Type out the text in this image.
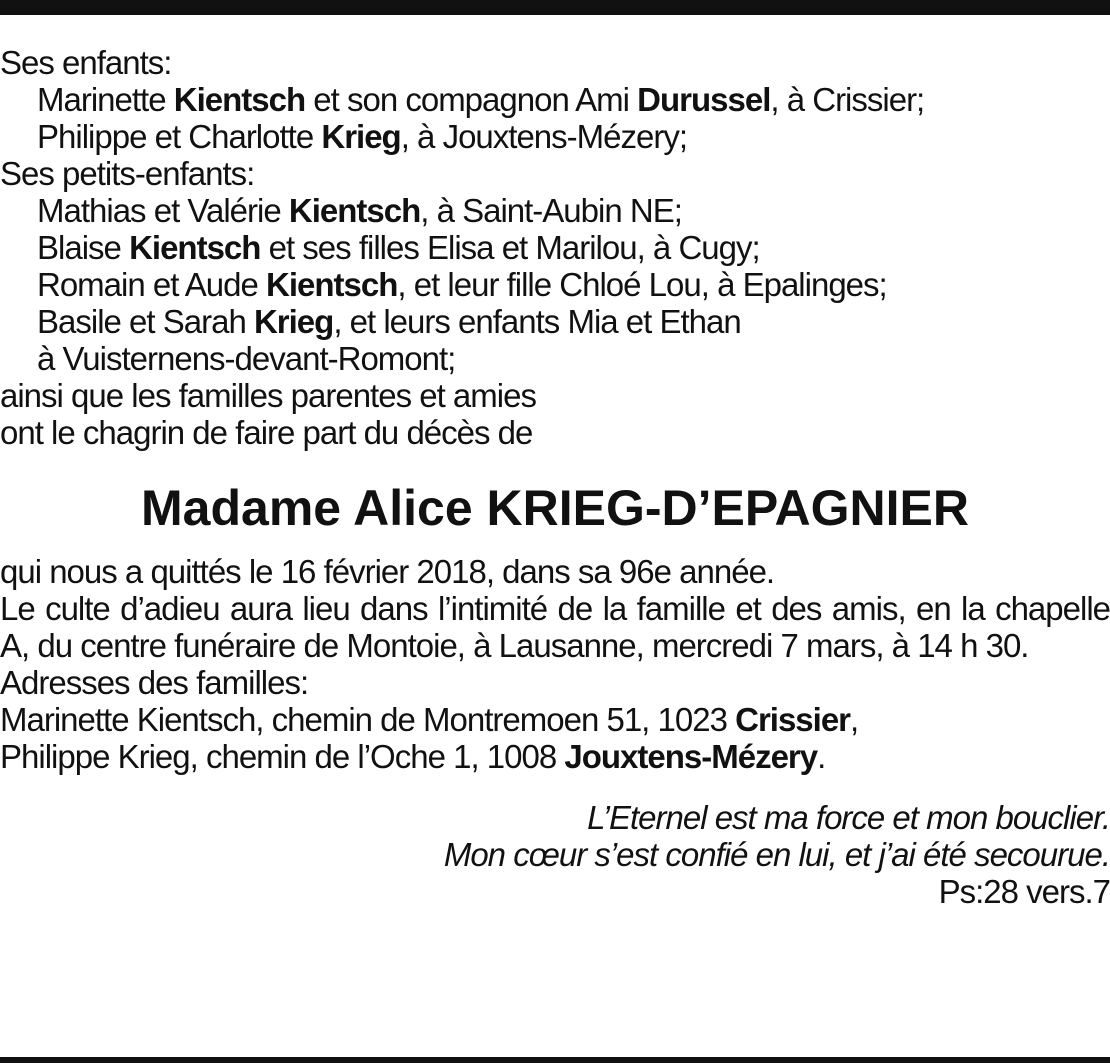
Ses enfants:
Marinette Kientsch et son compagnon Ami Durussel, à Crissier;
Philippe et Charlotte Krieg, à Jouxtens-Mézery;
Ses petits-enfants:
Mathias et Valérie Kientsch, à Saint-Aubin NE;
Blaise Kientsch et ses filles Elisa et Marilou, à Cugy;
Romain et Aude Kientsch, et leur fille Chloé Lou, à Epalinges;
Basile et Sarah Krieg, et leurs enfants Mia et Ethan
à Vuisternens-devant-Romont;
ainsi que les familles parentes et amies
ont le chagrin de faire part du décès de
Madame Alice KRIEG-D’EPAGNIER
qui nous a quittés le 16 février 2018, dans sa 96e année.
Le culte d’adieu aura lieu dans l’intimité de la famille et des amis, en la chapelle A, du centre funéraire de Montoie, à Lausanne, mercredi 7 mars, à 14 h 30.
Adresses des familles:
Marinette Kientsch, chemin de Montremoen 51, 1023 Crissier,
Philippe Krieg, chemin de l’Oche 1, 1008 Jouxtens-Mézery.
L’Eternel est ma force et mon bouclier.
Mon cœur s’est confié en lui, et j’ai été secourue.
Ps:28 vers.7
